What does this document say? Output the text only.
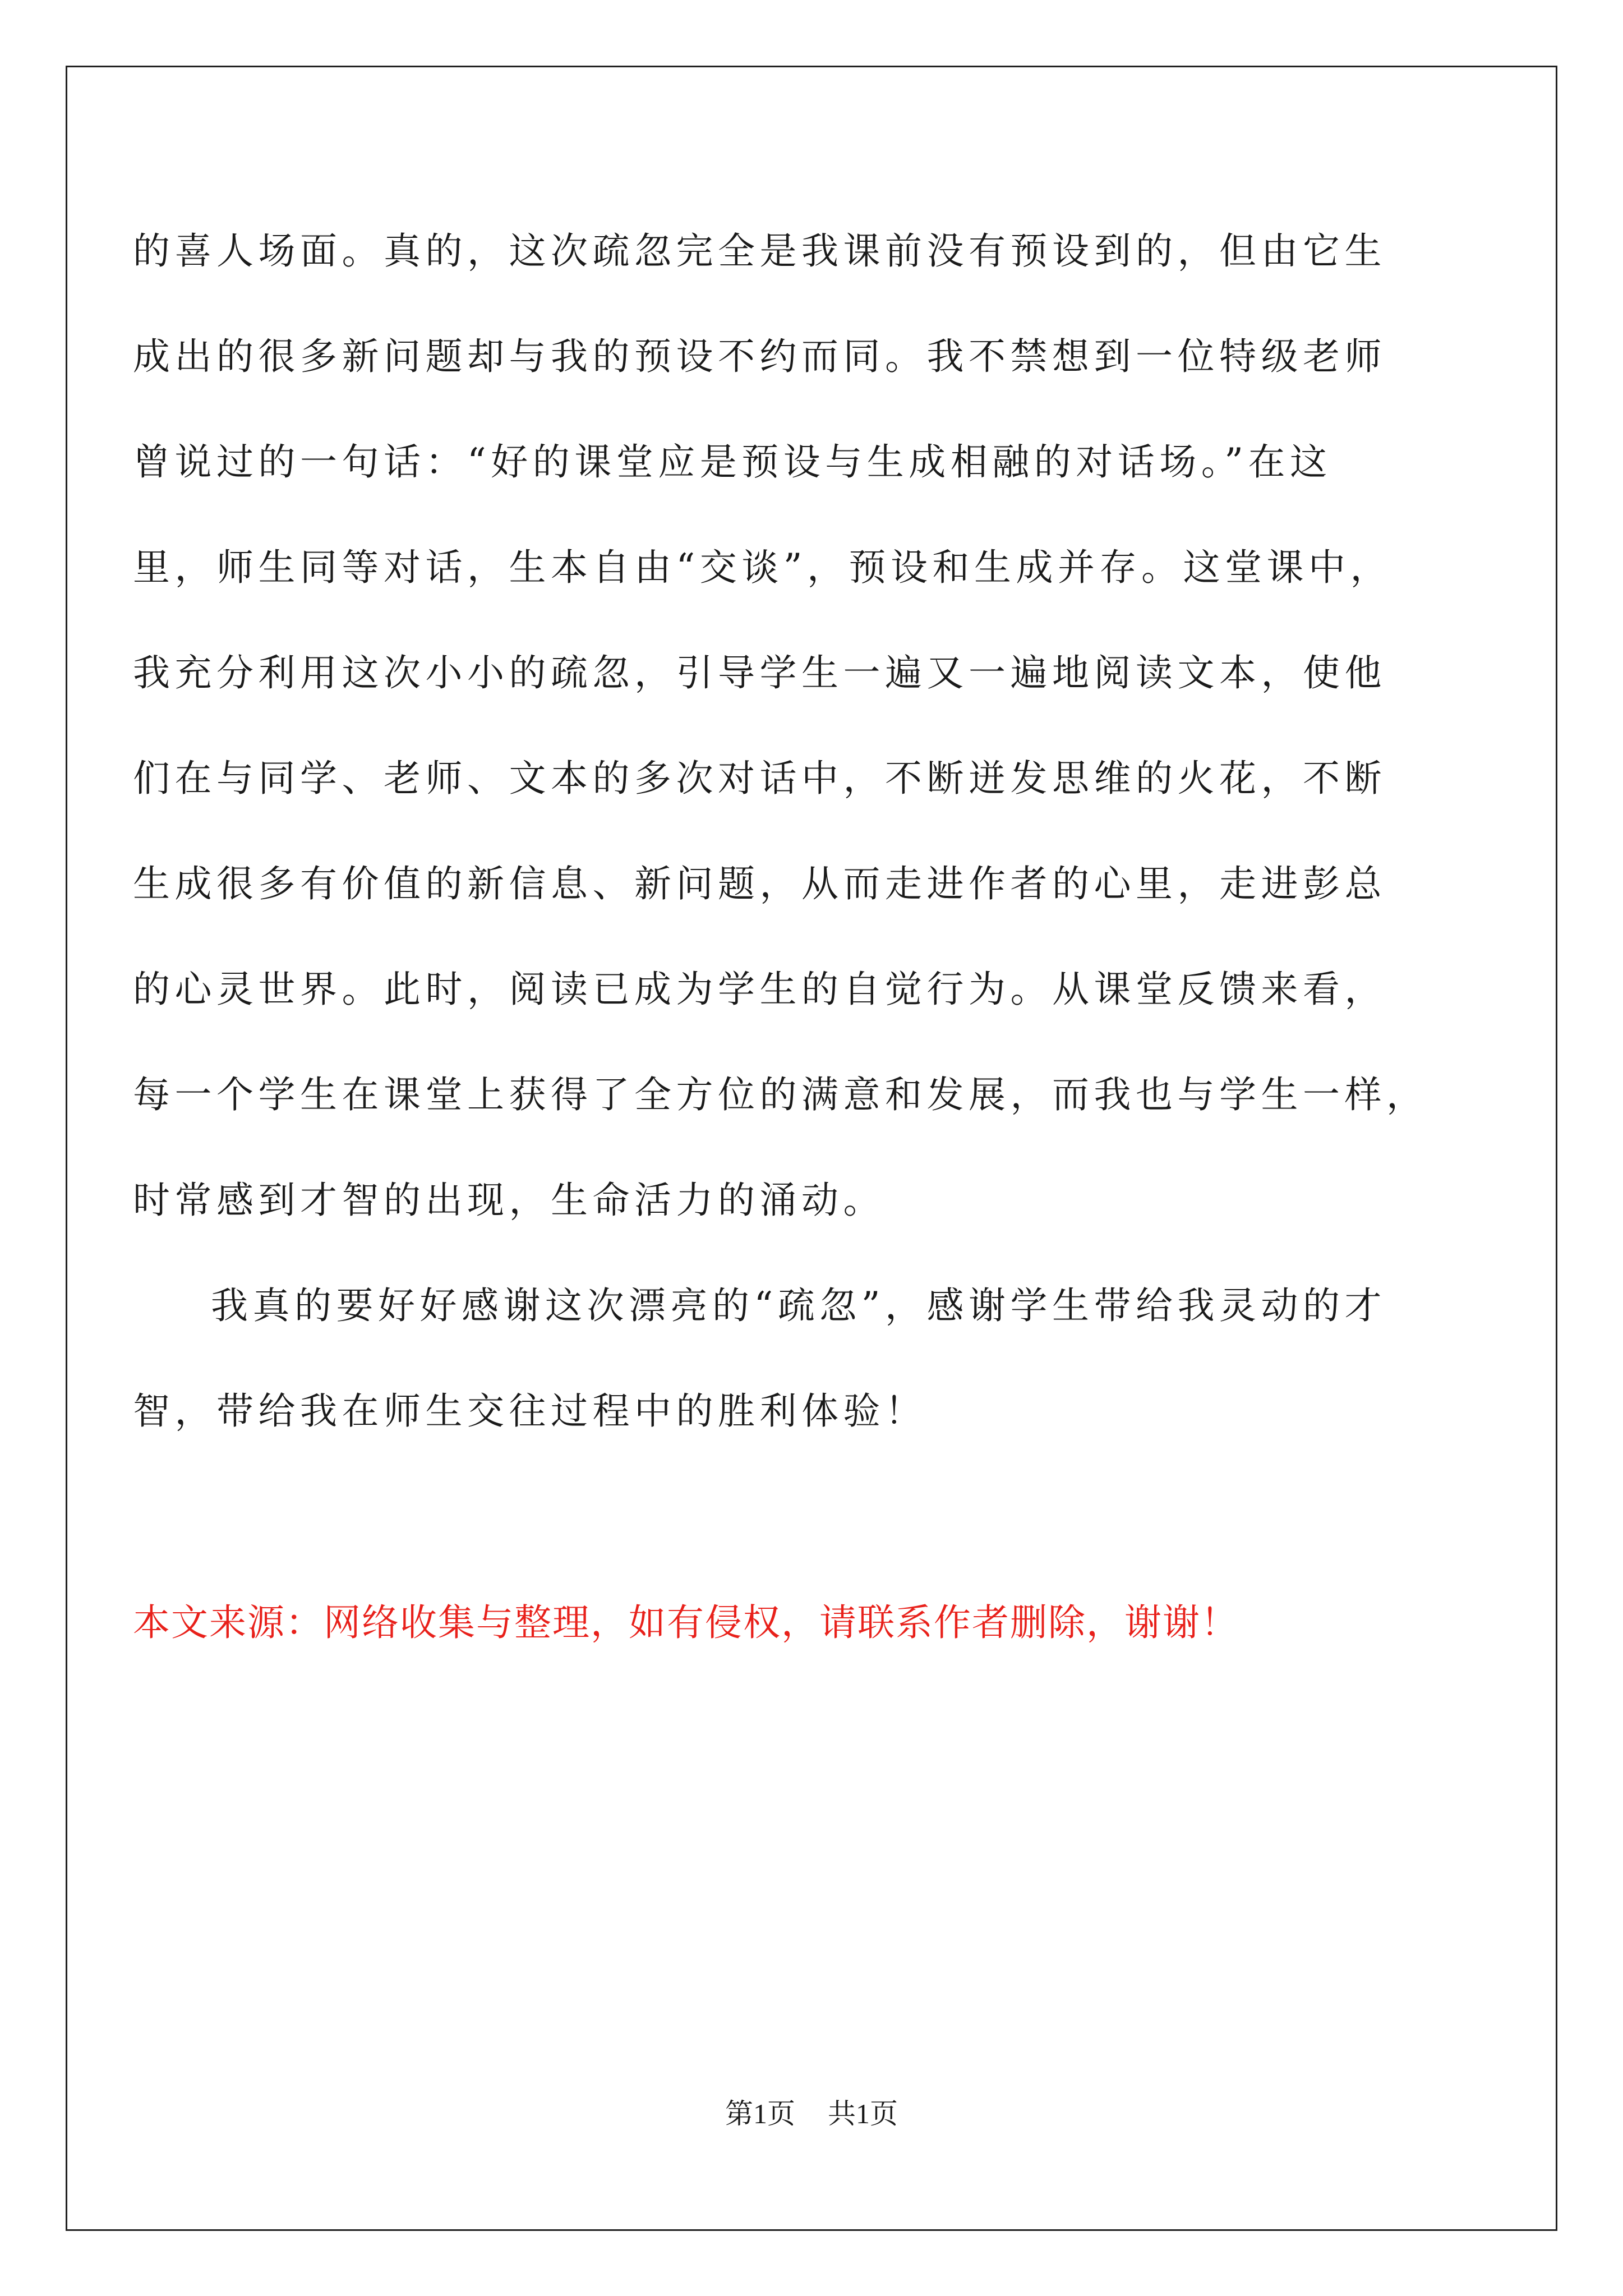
的喜人场面。真的，这次疏忽完全是我课前没有预设到的，但由它生
成出的很多新问题却与我的预设不约而同。我不禁想到一位特级老师
曾说过的一句话：“好的课堂应是预设与生成相融的对话场。”在这
里，师生同等对话，生本自由“交谈”，预设和生成并存。这堂课中，
我充分利用这次小小的疏忽，引导学生一遍又一遍地阅读文本，使他
们在与同学、老师、文本的多次对话中，不断迸发思维的火花，不断
生成很多有价值的新信息、新问题，从而走进作者的心里，走进彭总
的心灵世界。此时，阅读已成为学生的自觉行为。从课堂反馈来看，
每一个学生在课堂上获得了全方位的满意和发展，而我也与学生一样，
时常感到才智的出现，生命活力的涌动。
我真的要好好感谢这次漂亮的“疏忽”，感谢学生带给我灵动的才
智，带给我在师生交往过程中的胜利体验！
本文来源：网络收集与整理，如有侵权，请联系作者删除，谢谢！
第1页 共1页
